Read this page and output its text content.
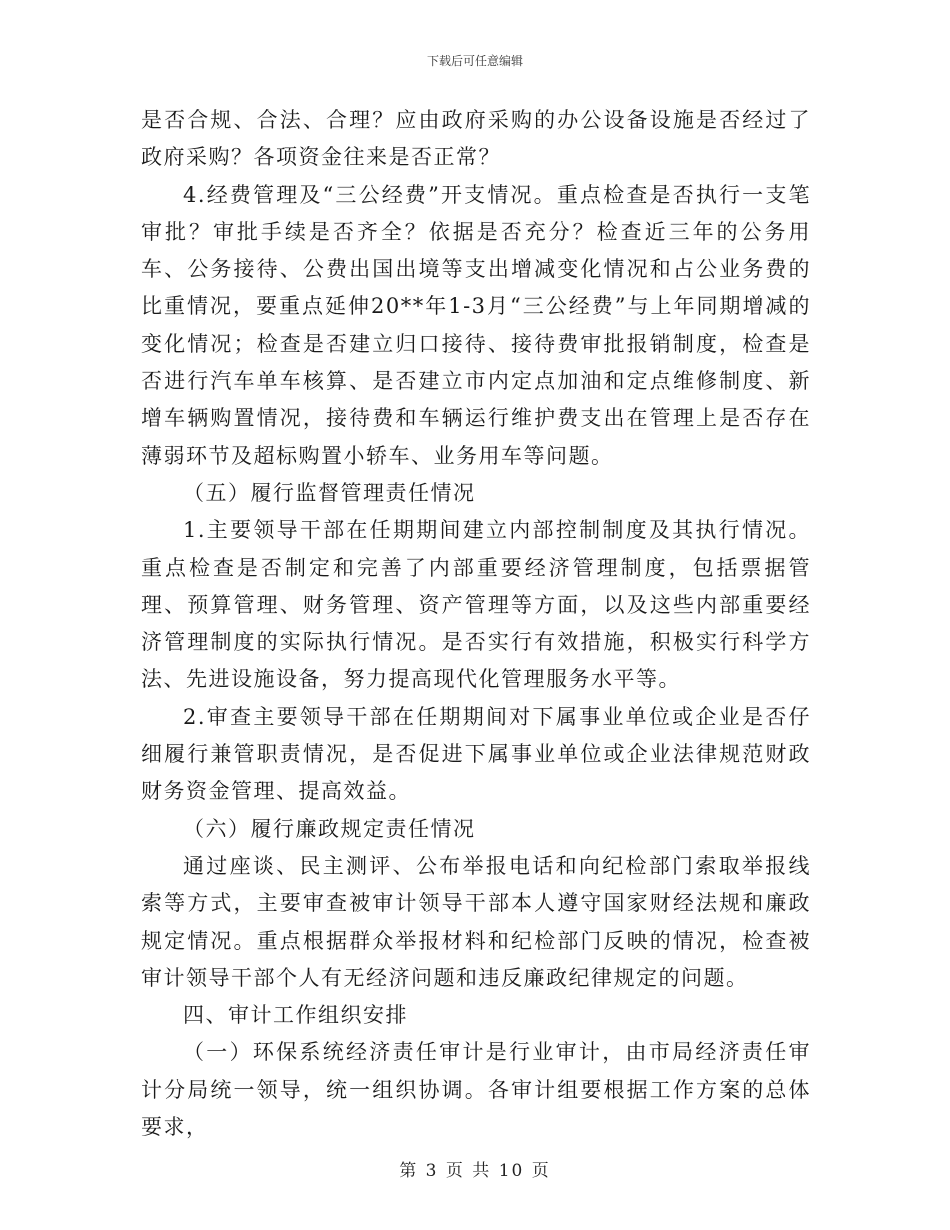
下载后可任意编辑

是否合规、合法、合理？应由政府采购的办公设备设施是否经过了政府采购？各项资金往来是否正常？

4.经费管理及“三公经费”开支情况。重点检查是否执行一支笔审批？审批手续是否齐全？依据是否充分？检查近三年的公务用车、公务接待、公费出国出境等支出增减变化情况和占公业务费的比重情况，要重点延伸20**年1-3月“三公经费”与上年同期增减的变化情况；检查是否建立归口接待、接待费审批报销制度，检查是否进行汽车单车核算、是否建立市内定点加油和定点维修制度、新增车辆购置情况，接待费和车辆运行维护费支出在管理上是否存在薄弱环节及超标购置小轿车、业务用车等问题。

（五）履行监督管理责任情况

1.主要领导干部在任期期间建立内部控制制度及其执行情况。重点检查是否制定和完善了内部重要经济管理制度，包括票据管理、预算管理、财务管理、资产管理等方面，以及这些内部重要经济管理制度的实际执行情况。是否实行有效措施，积极实行科学方法、先进设施设备，努力提高现代化管理服务水平等。

2.审查主要领导干部在任期期间对下属事业单位或企业是否仔细履行兼管职责情况，是否促进下属事业单位或企业法律规范财政财务资金管理、提高效益。

（六）履行廉政规定责任情况

通过座谈、民主测评、公布举报电话和向纪检部门索取举报线索等方式，主要审查被审计领导干部本人遵守国家财经法规和廉政规定情况。重点根据群众举报材料和纪检部门反映的情况，检查被审计领导干部个人有无经济问题和违反廉政纪律规定的问题。

四、审计工作组织安排

（一）环保系统经济责任审计是行业审计，由市局经济责任审计分局统一领导，统一组织协调。各审计组要根据工作方案的总体要求，

第 3 页 共 10 页
